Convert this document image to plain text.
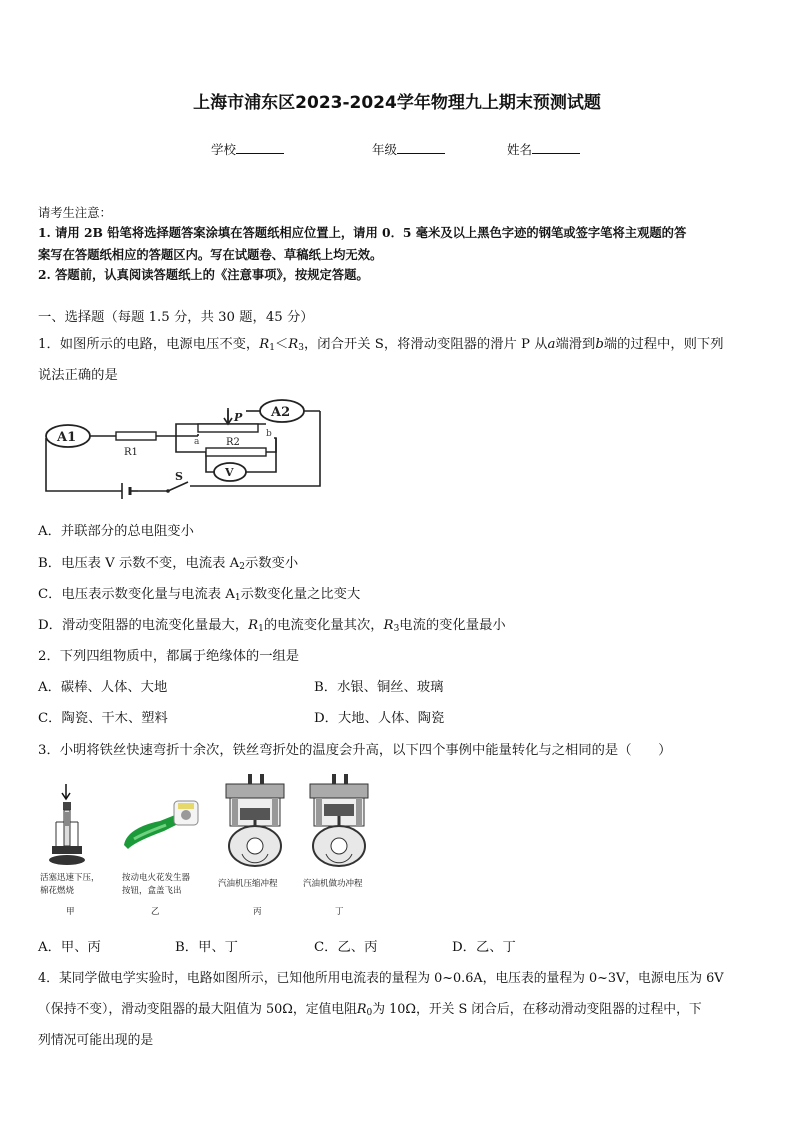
上海市浦东区2023-2024学年物理九上期末预测试题
学校	年级	姓名
请考生注意：
1. 请用 2B 铅笔将选择题答案涂填在答题纸相应位置上，请用 0．5 毫米及以上黑色字迹的钢笔或签字笔将主观题的答
案写在答题纸相应的答题区内。写在试题卷、草稿纸上均无效。
2. 答题前，认真阅读答题纸上的《注意事项》，按规定答题。
一、选择题（每题 1.5 分，共 30 题，45 分）
1．如图所示的电路，电源电压不变，$R_1<R_3$，闭合开关 S，将滑动变阻器的滑片 P 从a端滑到b端的过程中，则下列
说法正确的是
A1
R1
P
a
b
A2
R2
V
S
A．并联部分的总电阻变小
B．电压表 V 示数不变，电流表 $A_2$示数变小
C．电压表示数变化量与电流表 $A_1$示数变化量之比变大
D．滑动变阻器的电流变化量最大，$R_1$的电流变化量其次，$R_3$电流的变化量最小
2．下列四组物质中，都属于绝缘体的一组是
A．碳棒、人体、大地	B．水银、铜丝、玻璃
C．陶瓷、干木、塑料	D．大地、人体、陶瓷
3．小明将铁丝快速弯折十余次，铁丝弯折处的温度会升高，以下四个事例中能量转化与之相同的是（　　）
活塞迅速下压，
棉花燃烧
甲
按动电火花发生器
按钮，盒盖飞出
乙
汽油机压缩冲程
丙
汽油机做功冲程
丁
A．甲、丙	B．甲、丁	C．乙、丙	D．乙、丁
4．某同学做电学实验时，电路如图所示，已知他所用电流表的量程为 0~0.6A，电压表的量程为 0~3V，电源电压为 6V
（保持不变），滑动变阻器的最大阻值为 50Ω，定值电阻$R_0$为 10Ω，开关 S 闭合后，在移动滑动变阻器的过程中，下
列情况可能出现的是
